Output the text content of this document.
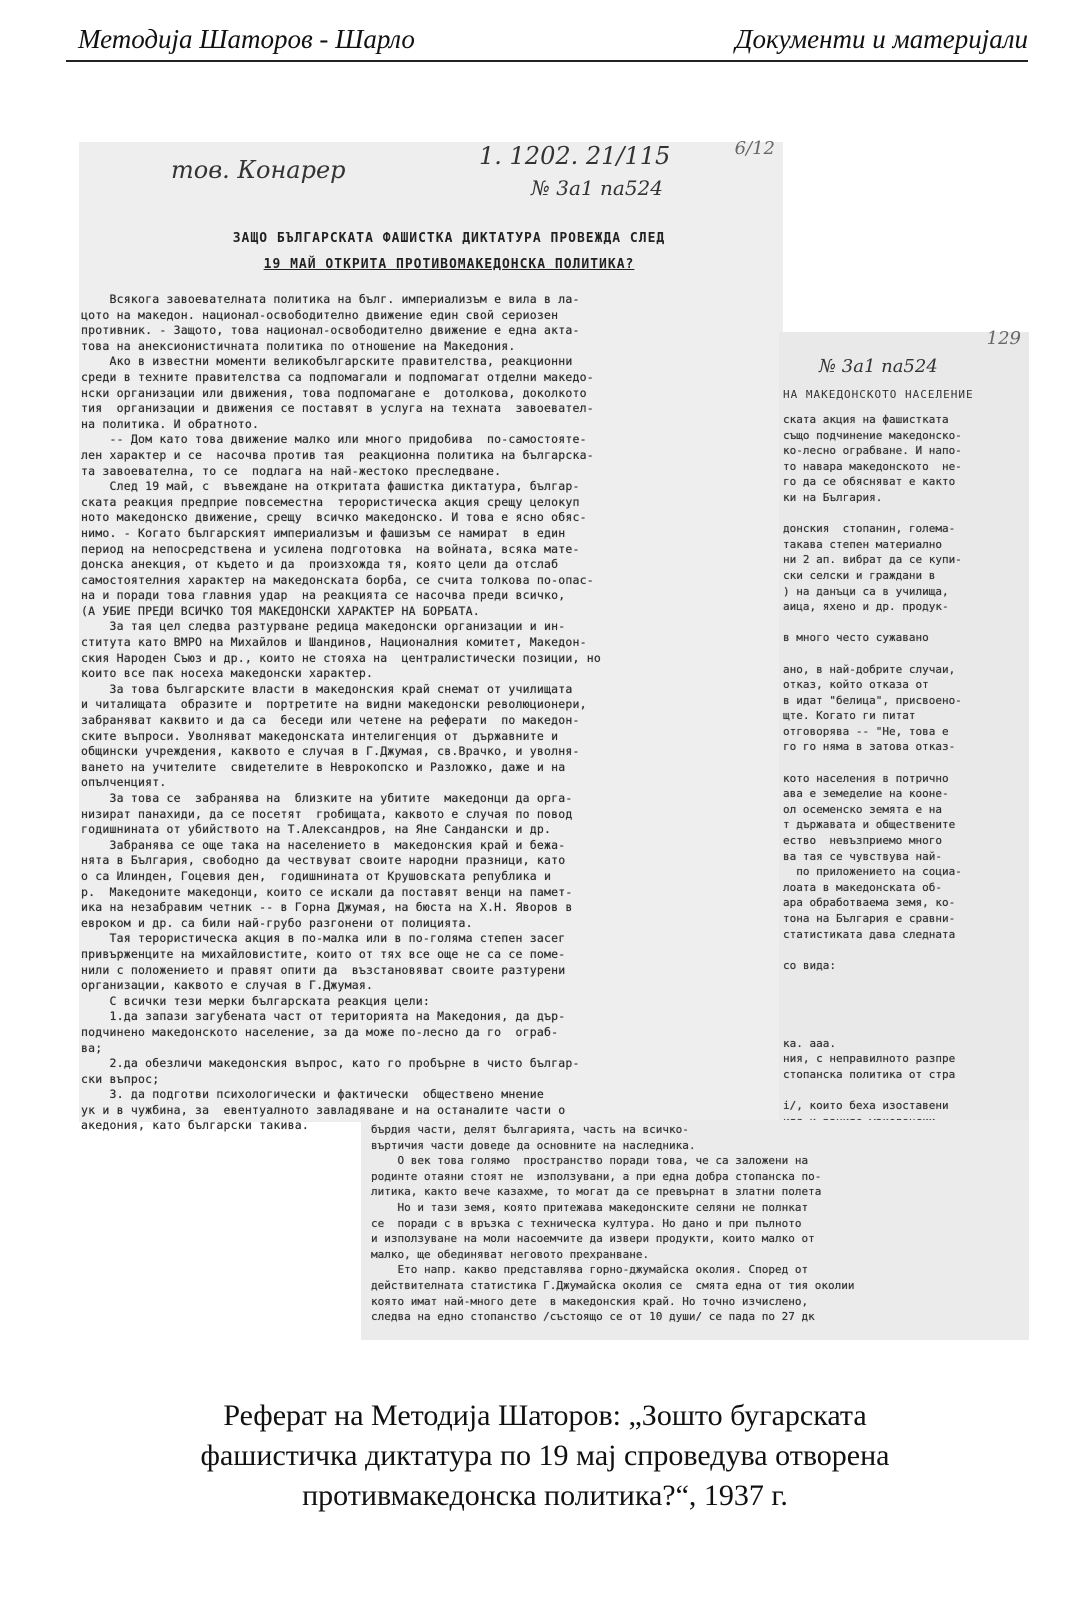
Методија Шаторов - Шарло	Документи и материјали
тов. Конарер	1. 1202. 21/115	6/12
№ 3а1 па524
ЗАЩО БЪЛГАРСКАТА ФАШИСТКА ДИКТАТУРА ПРОВЕЖДА СЛЕД
19 МАЙ ОТКРИТА ПРОТИВОМАКЕДОНСКА ПОЛИТИКА?
Всякога завоевателната политика на бълг. империализъм е вила в ла-
цото на македон. национал-освободително движение един свой сериозен
противник. - Защото, това национал-освободително движение е една акта-
това на анексионистичната политика по отношение на Македония.
Ако в известни моменти великобългарските правителства, реакционни
среди в техните правителства са подпомагали и подпомагат отделни македо-
нски организации или движения, това подпомагане е  дотолкова, доколкото
тия  организации и движения се поставят в услуга на техната  завоевател-
на политика. И обратното.
-- Дом като това движение малко или много придобива  по-самостояте-
лен характер и се  насочва против тая  реакционна политика на българска-
та завоевателна, то се  подлага на най-жестоко преследване.
След 19 май, с  въвеждане на откритата фашистка диктатура, българ-
ската реакция предприе повсеместна  терористическа акция срещу целокуп
ното македонско движение, срещу  всичко македонско. И това е ясно обяс-
нимо. - Когато българският империализъм и фашизъм се намират  в един
период на непосредствена и усилена подготовка  на войната, всяка мате-
донска анекция, от където и да  произхожда тя, която цели да отслаб
самостоятелния характер на македонската борба, се счита толкова по-опас-
на и поради това главния удар  на реакцията се насочва преди всичко,
(А УБИЕ ПРЕДИ ВСИЧКО ТОЯ МАКЕДОНСКИ ХАРАКТЕР НА БОРБАТА.
За тая цел следва разтурване редица македонски организации и ин-
ститута като ВМРО на Михайлов и Шандинов, Националния комитет, Македон-
ския Народен Съюз и др., които не стояха на  централистически позиции, но
които все пак носеха македонски характер.
За това българските власти в македонския край снемат от училищата
и читалищата  образите и  портретите на видни македонски революционери,
забраняват каквито и да са  беседи или четене на реферати  по македон-
ските въпроси. Уволняват македонската интелигенция от  държавните и
общински учреждения, каквото е случая в Г.Джумая, св.Врачко, и уволня-
ването на учителите  свидетелите в Неврокопско и Разложко, даже и на
опълченцият.
За това се  забранява на  близките на убитите  македонци да орга-
низират панахиди, да се посетят  гробищата, каквото е случая по повод
годишнината от убийството на Т.Александров, на Яне Сандански и др.
Забранява се още така на населението в  македонския край и бежа-
нята в България, свободно да чествуват своите народни празници, като
о са Илинден, Гоцевия ден,  годишнината от Крушовската република и
р.  Македоните македонци, които се искали да поставят венци на памет-
ика на незабравим четник -- в Горна Джумая, на бюста на Х.Н. Яворов в
евроком и др. са били най-грубо разгонени от полицията.
Тая терористическа акция в по-малка или в по-голяма степен засег
привърженците на михайловистите, които от тях все още не са се поме-
нили с положението и правят опити да  възстановяват своите разтурени
организации, каквото е случая в Г.Джумая.
С всички тези мерки българската реакция цели:
1.да запази загубената част от територията на Македония, да дър-
подчинено македонското население, за да може по-лесно да го  ограб-
ва;
2.да обезличи македонския въпрос, като го пробърне в чисто българ-
ски въпрос;
3. да подготви психологически и фактически  обществено мнение
ук и в чужбина, за  евентуалното завладяване и на останалите части о
акедония, като български такива.
№ 3а1 па524
129
НА МАКЕДОНСКОТО НАСЕЛЕНИЕ
ската акция на фашистката
също подчинение македонско-
ко-лесно ограбване. И напо-
то навара македонското  не-
го да се обясняват е както
ки на България.

донския  стопанин, голема-
такава степен материално
ни 2 ап. вибрат да се купи-
ски селски и граждани в
) на данъци са в училища,
аица, яхено и др. продук-

в много често сужавано

ано, в най-добрите случаи,
отказ, който отказа от
в идат "белица", присвоено-
щте. Когато ги питат
отговорява -- "Не, това е
го го няма в затова отказ-

кото населения в потрично
ава е земеделие на кооне-
ол осеменско земята е на
т държавата и обществените
ество  невъзприемо много
ва тая се чувствува най-
по приложението на социа-
лоата в македонската об-
ара обработваема земя, ко-
тона на България е сравни-
статистиката дава следната

со вида:

ка. ааа.
ния, с неправилното разпре
стопанска политика от стра

і/, които беха изоставени
бърдия части, делят българията, часть на всичко-
въртичия части доведе да основните на наследника.
О век това голямо  пространство поради това, че са заложени на
родинте отаяни стоят не  използувани, а при една добра стопанска по-
литика, както вече казахме, то могат да се превърнат в златни полета
Но и тази земя, която притежава македонските селяни не полнкат
се  поради с в връзка с техническа култура. Но дано и при пълното
и използуване на моли насоемчите да извери продукти, които малко от
малко, ще обединяват неговото прехранване.
Ето напр. какво представлява горно-джумайска околия. Според от
действителната статистика Г.Джумайска околия се  смята една от тия околии
която имат най-много дете  в македонския край. Но точно изчислено,
следва на едно стопанство /състоящо се от 10 души/ се пада по 27 дк
Реферат на Методија Шаторов: „Зошто бугарската
фашистичка диктатура по 19 мај спроведува отворена
противмакедонска политика?“, 1937 г.
